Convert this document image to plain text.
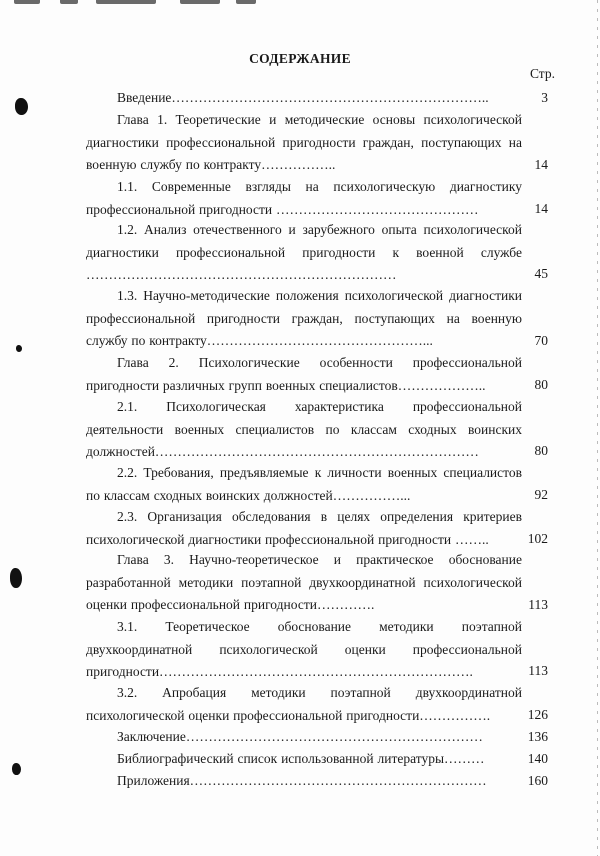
СОДЕРЖАНИЕ
Стр.
Введение……………………………………………………………..	3
Глава 1. Теоретические и методические основы психологической диагностики профессиональной пригодности граждан, поступающих на военную службу по контракту……………..	14
1.1. Современные взгляды на психологическую диагностику профессиональной пригодности ………………………………………	14
1.2. Анализ отечественного и зарубежного опыта психологической диагностики профессиональной пригодности к военной службе ……………………………………………………………	45
1.3. Научно-методические положения психологической диагностики профессиональной пригодности граждан, поступающих на военную службу по контракту…………………………………………...	70
Глава 2. Психологические особенности профессиональной пригодности различных групп военных специалистов………………..	80
2.1. Психологическая характеристика профессиональной деятельности военных специалистов по классам сходных воинских должностей………………………………………………………………	80
2.2. Требования, предъявляемые к личности военных специалистов по классам сходных воинских должностей……………...	92
2.3. Организация обследования в целях определения критериев психологической диагностики профессиональной пригодности ……..	102
Глава 3. Научно-теоретическое и практическое обоснование разработанной методики поэтапной двухкоординатной психологической оценки профессиональной пригодности………….	113
3.1. Теоретическое обоснование методики поэтапной двухкоординатной психологической оценки профессиональной пригодности…………………………………………………………….	113
3.2. Апробация методики поэтапной двухкоординатной психологической оценки профессиональной пригодности…………….	126
Заключение…………………………………………………………	136
Библиографический список использованной литературы………	140
Приложения…………………………………………………………	160
